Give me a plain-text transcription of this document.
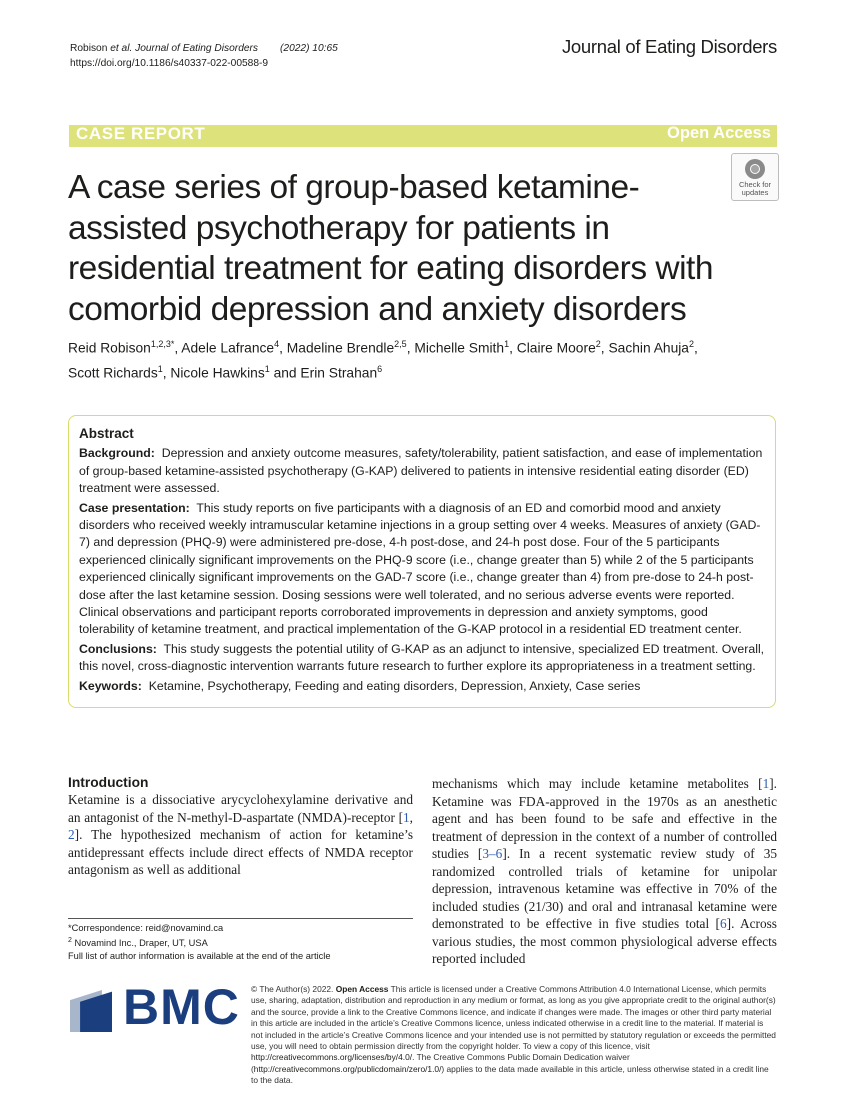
Robison et al. Journal of Eating Disorders (2022) 10:65
https://doi.org/10.1186/s40337-022-00588-9
Journal of Eating Disorders
CASE REPORT	Open Access
A case series of group-based ketamine-assisted psychotherapy for patients in residential treatment for eating disorders with comorbid depression and anxiety disorders
Check for
updates
Reid Robison$^{1,2,3*}$, Adele Lafrance$^4$, Madeline Brendle$^{2,5}$, Michelle Smith$^1$, Claire Moore$^2$, Sachin Ahuja$^2$,
Scott Richards$^1$, Nicole Hawkins$^1$ and Erin Strahan$^6$
Abstract

Background: Depression and anxiety outcome measures, safety/tolerability, patient satisfaction, and ease of implementation of group-based ketamine-assisted psychotherapy (G-KAP) delivered to patients in intensive residential eating disorder (ED) treatment were assessed.

Case presentation: This study reports on five participants with a diagnosis of an ED and comorbid mood and anxiety disorders who received weekly intramuscular ketamine injections in a group setting over 4 weeks. Measures of anxiety (GAD-7) and depression (PHQ-9) were administered pre-dose, 4-h post-dose, and 24-h post dose. Four of the 5 participants experienced clinically significant improvements on the PHQ-9 score (i.e., change greater than 5) while 2 of the 5 participants experienced clinically significant improvements on the GAD-7 score (i.e., change greater than 4) from pre-dose to 24-h post-dose after the last ketamine session. Dosing sessions were well tolerated, and no serious adverse events were reported. Clinical observations and participant reports corroborated improvements in depression and anxiety symptoms, good tolerability of ketamine treatment, and practical implementation of the G-KAP protocol in a residential ED treatment center.

Conclusions: This study suggests the potential utility of G-KAP as an adjunct to intensive, specialized ED treatment. Overall, this novel, cross-diagnostic intervention warrants future research to further explore its appropriateness in a treatment setting.

Keywords: Ketamine, Psychotherapy, Feeding and eating disorders, Depression, Anxiety, Case series

Introduction
Ketamine is a dissociative arycyclohexylamine derivative and an antagonist of the N-methyl-D-aspartate (NMDA)-receptor [1, 2]. The hypothesized mechanism of action for ketamine’s antidepressant effects include direct effects of NMDA receptor antagonism as well as additional
mechanisms which may include ketamine metabolites [1]. Ketamine was FDA-approved in the 1970s as an anesthetic agent and has been found to be safe and effective in the treatment of depression in the context of a number of controlled studies [3–6]. In a recent systematic review study of 35 randomized controlled trials of ketamine for unipolar depression, intravenous ketamine was effective in 70% of the included studies (21/30) and oral and intranasal ketamine were demonstrated to be effective in five studies total [6]. Across various studies, the most common physiological adverse effects reported included
*Correspondence: reid@novamind.ca
$^2$ Novamind Inc., Draper, UT, USA
Full list of author information is available at the end of the article
BMC © The Author(s) 2022. Open Access This article is licensed under a Creative Commons Attribution 4.0 International License, which permits use, sharing, adaptation, distribution and reproduction in any medium or format, as long as you give appropriate credit to the original author(s) and the source, provide a link to the Creative Commons licence, and indicate if changes were made. The images or other third party material in this article are included in the article’s Creative Commons licence, unless indicated otherwise in a credit line to the material. If material is not included in the article’s Creative Commons licence and your intended use is not permitted by statutory regulation or exceeds the permitted use, you will need to obtain permission directly from the copyright holder. To view a copy of this licence, visit http://creativecommons.org/licenses/by/4.0/. The Creative Commons Public Domain Dedication waiver (http://creativecommons.org/publicdomain/zero/1.0/) applies to the data made available in this article, unless otherwise stated in a credit line to the data.
